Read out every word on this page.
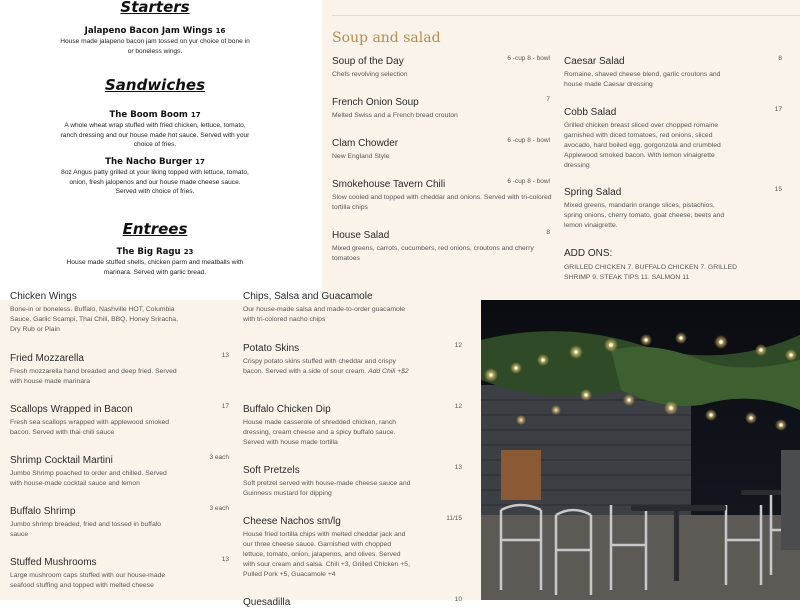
Starters
Jalapeno Bacon Jam Wings 16
House made jalapeno bacon jam tossed on yur choice of bone in or boneless wings.
Sandwiches
The Boom Boom 17
A whole wheat wrap stuffed with fried chicken, lettuce, tomato, ranch dressing and our house made hot sauce. Served with your choice of fries.
The Nacho Burger 17
8oz Angus patty grilled ot your liking topped with lettuce, tomato, onion, fresh jalopenos and our house made cheese sauce. Served with choice of fries.
Entrees
The Big Ragu 23
House made stuffed shells, chicken parm and meatballs with marinara. Served with garlic bread.
Soup and salad
Soup of the Day
Chefs revolving selection
6 -cup 8 - bowl
French Onion Soup
Melted Swiss and a French bread crouton
7
Clam Chowder
New England Style
6 -cup 8 - bowl
Smokehouse Tavern Chili
Slow cooled and topped with cheddar and onions. Served with tri-colored tortilla chips
6 -cup 8 - bowl
House Salad
Mixed greens, carrots, cucumbers, red onions, croutons and cherry tomatoes
8
Caesar Salad
Romaine, shaved cheese blend, garlic croutons and house made Caesar dressing
8
Cobb Salad
Grilled chicken breast sliced over chopped romaine garnished with diced tomatoes, red onions, sliced avocado, hard boiled egg, gorgonzola and crumbled Applewood smoked bacon. With lemon vinaigrette dressing
17
Spring Salad
Mixed greens, mandarin orange slices, pistachios, spring onions, cherry tomato, goat cheese, beets and lemon vinaigrette.
15
ADD ONS:
GRILLED CHICKEN 7. BUFFALO CHICKEN 7. GRILLED SHRIMP 9. STEAK TIPS 11. SALMON 11
Chicken Wings
Bone-in or boneless. Buffalo, Nashville HOT, Columbia Sauce, Garlic Scampi, Thai Chili, BBQ, Honey Sriracha, Dry Rub or Plain
Fried Mozzarella
Fresh mozzarella hand breaded and deep fried. Served with house made marinara
13
Scallops Wrapped in Bacon
Fresh sea scallops wrapped with applewood smoked bacon. Served with thai chili sauce
17
Shrimp Cocktail Martini
Jumbo Shrimp poached to order and chilled. Served with house-made cocktail sauce and lemon
3 each
Buffalo Shrimp
Jumbo shrimp breaded, fried and tossed in buffalo sauce
3 each
Stuffed Mushrooms
Large mushroom caps stuffed with our house-made seafood stuffing and topped with melted cheese
13
Chips, Salsa and Guacamole
Our house-made salsa and made-to-order guacamole with tri-colored nacho chips
Potato Skins
Crispy potato skins stuffed with cheddar and crispy bacon. Served with a side of sour cream. Add Chili +$2
12
Buffalo Chicken Dip
House made casserole of shredded chicken, ranch dressing, cream cheese and a spicy buffalo sauce. Served with house made tortilla
12
Soft Pretzels
Soft pretzel served with house-made cheese sauce and Guinness mustard for dipping
13
Cheese Nachos sm/lg
House fried tortilla chips with melted cheddar jack and our three cheese sauce. Garnished with chopped lettuce, tomato, onion, jalapenos, and olives. Served with sour cream and salsa. Chili +3, Grilled Chicken +5, Pulled Pork +5, Guacamole +4
11/15
Quesadilla	10
